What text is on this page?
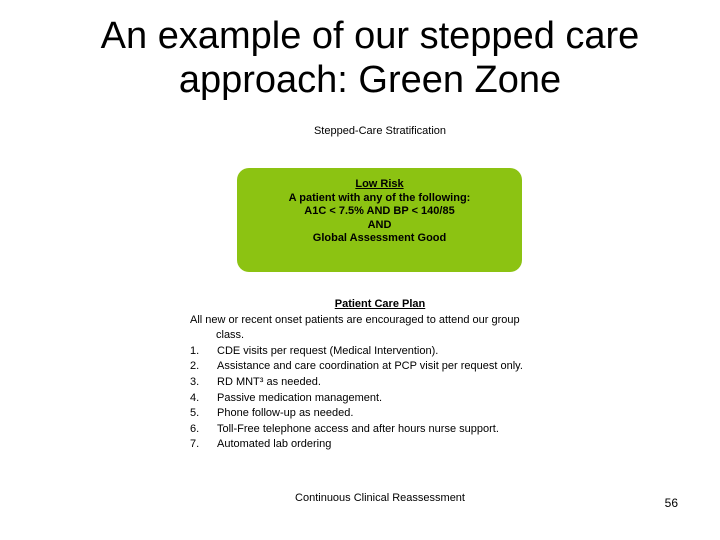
An example of our stepped care
approach: Green Zone
Stepped-Care Stratification
Low Risk
A patient with any of the following:
A1C < 7.5% AND BP < 140/85
AND
Global Assessment Good
Patient Care Plan
All new or recent onset patients are encouraged to attend our group
class.
1.	CDE visits per request (Medical Intervention).
2.	Assistance and care coordination at PCP visit per request only.
3.	RD MNT³ as needed.
4.	Passive medication management.
5.	Phone follow-up as needed.
6.	Toll-Free telephone access and after hours nurse support.
7.	Automated lab ordering
Continuous Clinical Reassessment	56
